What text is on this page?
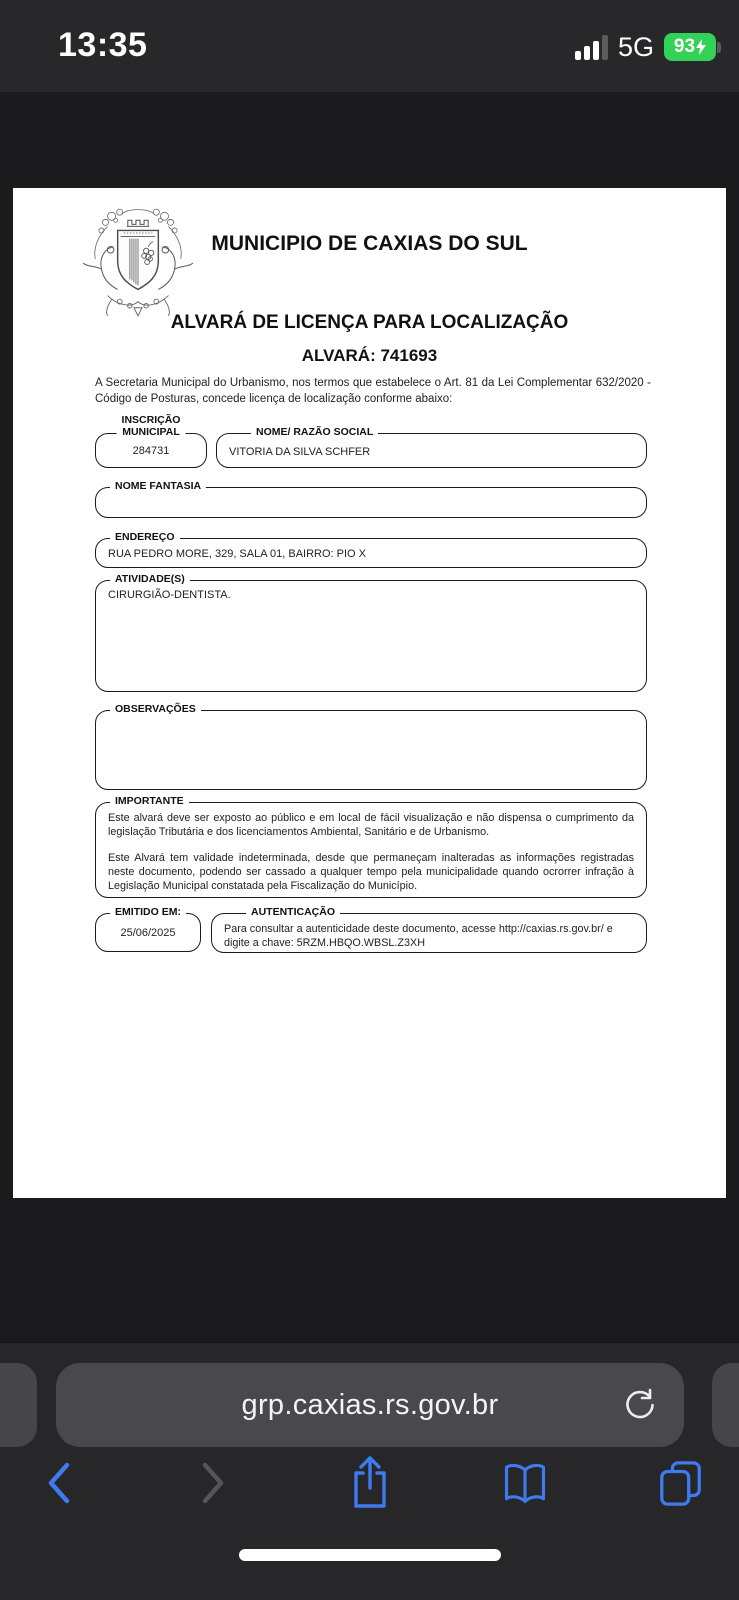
13:35	5G 93
MUNICIPIO DE CAXIAS DO SUL
ALVARÁ DE LICENÇA PARA LOCALIZAÇÃO
ALVARÁ: 741693
A Secretaria Municipal do Urbanismo, nos termos que estabelece o Art. 81 da Lei Complementar 632/2020 - Código de Posturas, concede licença de localização conforme abaixo:
INSCRIÇÃO
MUNICIPAL
284731
NOME/ RAZÃO SOCIAL
VITORIA DA SILVA SCHFER
NOME FANTASIA
ENDEREÇO
RUA PEDRO MORE, 329, SALA 01, BAIRRO: PIO X
ATIVIDADE(S)
CIRURGIÃO-DENTISTA.
OBSERVAÇÕES
IMPORTANTE

Este alvará deve ser exposto ao público e em local de fácil visualização e não dispensa o cumprimento da legislação Tributária e dos licenciamentos Ambiental, Sanitário e de Urbanismo.

Este Alvará tem validade indeterminada, desde que permaneçam inalteradas as informações registradas neste documento, podendo ser cassado a qualquer tempo pela municipalidade quando ocrorrer infração à Legislação Municipal constatada pela Fiscalização do Município.

EMITIDO EM:
25/06/2025
AUTENTICAÇÃO
Para consultar a autenticidade deste documento, acesse http://caxias.rs.gov.br/ e digite a chave: 5RZM.HBQO.WBSL.Z3XH
grp.caxias.rs.gov.br
